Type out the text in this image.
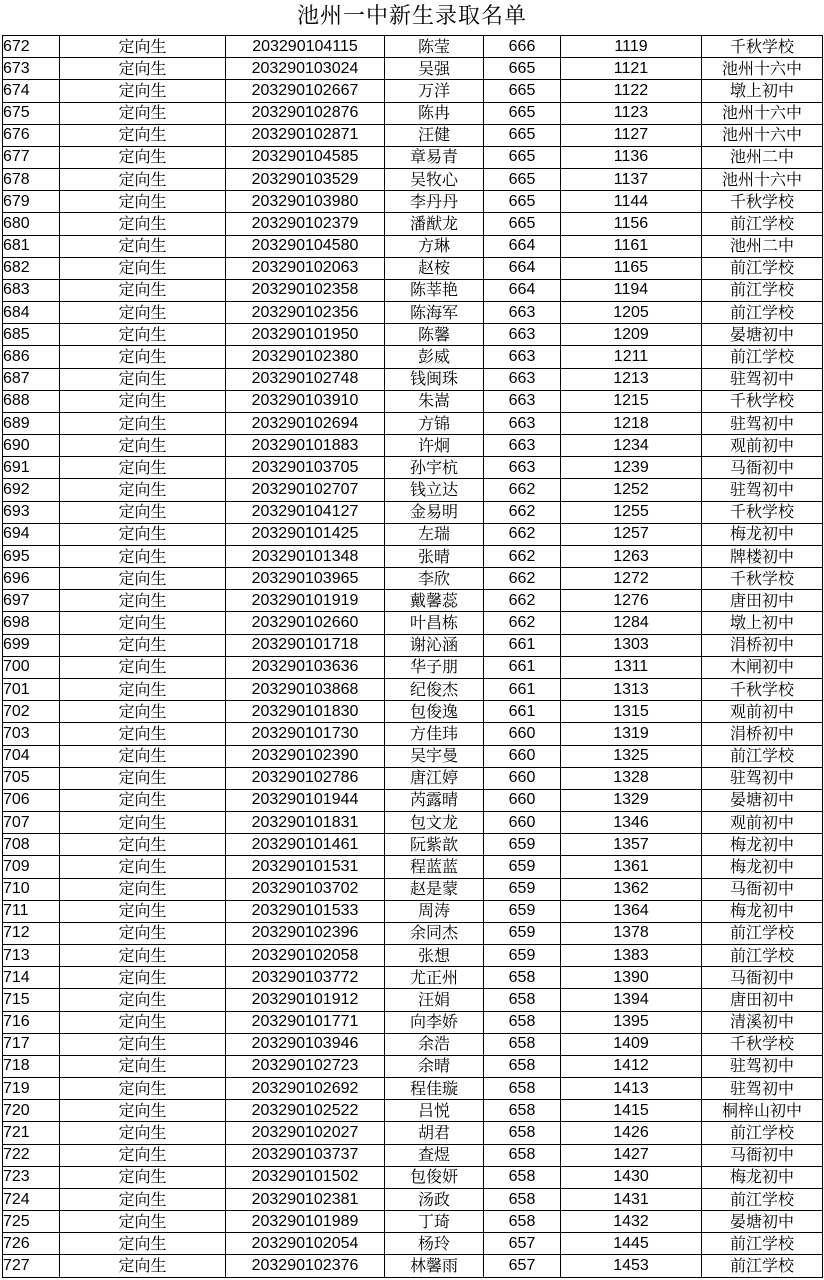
池州一中新生录取名单
672	定向生	203290104115	陈莹	666	1119	千秋学校
673	定向生	203290103024	吴强	665	1121	池州十六中
674	定向生	203290102667	万洋	665	1122	墩上初中
675	定向生	203290102876	陈冉	665	1123	池州十六中
676	定向生	203290102871	汪健	665	1127	池州十六中
677	定向生	203290104585	章易青	665	1136	池州二中
678	定向生	203290103529	吴牧心	665	1137	池州十六中
679	定向生	203290103980	李丹丹	665	1144	千秋学校
680	定向生	203290102379	潘猷龙	665	1156	前江学校
681	定向生	203290104580	方琳	664	1161	池州二中
682	定向生	203290102063	赵桉	664	1165	前江学校
683	定向生	203290102358	陈莘艳	664	1194	前江学校
684	定向生	203290102356	陈海军	663	1205	前江学校
685	定向生	203290101950	陈馨	663	1209	晏塘初中
686	定向生	203290102380	彭威	663	1211	前江学校
687	定向生	203290102748	钱闽珠	663	1213	驻驾初中
688	定向生	203290103910	朱嵩	663	1215	千秋学校
689	定向生	203290102694	方锦	663	1218	驻驾初中
690	定向生	203290101883	许炯	663	1234	观前初中
691	定向生	203290103705	孙宇杭	663	1239	马衙初中
692	定向生	203290102707	钱立达	662	1252	驻驾初中
693	定向生	203290104127	金易明	662	1255	千秋学校
694	定向生	203290101425	左瑞	662	1257	梅龙初中
695	定向生	203290101348	张晴	662	1263	牌楼初中
696	定向生	203290103965	李欣	662	1272	千秋学校
697	定向生	203290101919	戴馨蕊	662	1276	唐田初中
698	定向生	203290102660	叶昌栋	662	1284	墩上初中
699	定向生	203290101718	谢沁涵	661	1303	涓桥初中
700	定向生	203290103636	华子朋	661	1311	木闸初中
701	定向生	203290103868	纪俊杰	661	1313	千秋学校
702	定向生	203290101830	包俊逸	661	1315	观前初中
703	定向生	203290101730	方佳玮	660	1319	涓桥初中
704	定向生	203290102390	吴宇曼	660	1325	前江学校
705	定向生	203290102786	唐江婷	660	1328	驻驾初中
706	定向生	203290101944	芮露晴	660	1329	晏塘初中
707	定向生	203290101831	包文龙	660	1346	观前初中
708	定向生	203290101461	阮紫歆	659	1357	梅龙初中
709	定向生	203290101531	程蓝蓝	659	1361	梅龙初中
710	定向生	203290103702	赵是蒙	659	1362	马衙初中
711	定向生	203290101533	周涛	659	1364	梅龙初中
712	定向生	203290102396	余同杰	659	1378	前江学校
713	定向生	203290102058	张想	659	1383	前江学校
714	定向生	203290103772	尤正州	658	1390	马衙初中
715	定向生	203290101912	汪娟	658	1394	唐田初中
716	定向生	203290101771	向李娇	658	1395	清溪初中
717	定向生	203290103946	余浩	658	1409	千秋学校
718	定向生	203290102723	余晴	658	1412	驻驾初中
719	定向生	203290102692	程佳璇	658	1413	驻驾初中
720	定向生	203290102522	吕悦	658	1415	桐梓山初中
721	定向生	203290102027	胡君	658	1426	前江学校
722	定向生	203290103737	查煜	658	1427	马衙初中
723	定向生	203290101502	包俊妍	658	1430	梅龙初中
724	定向生	203290102381	汤政	658	1431	前江学校
725	定向生	203290101989	丁琦	658	1432	晏塘初中
726	定向生	203290102054	杨玲	657	1445	前江学校
727	定向生	203290102376	林馨雨	657	1453	前江学校
